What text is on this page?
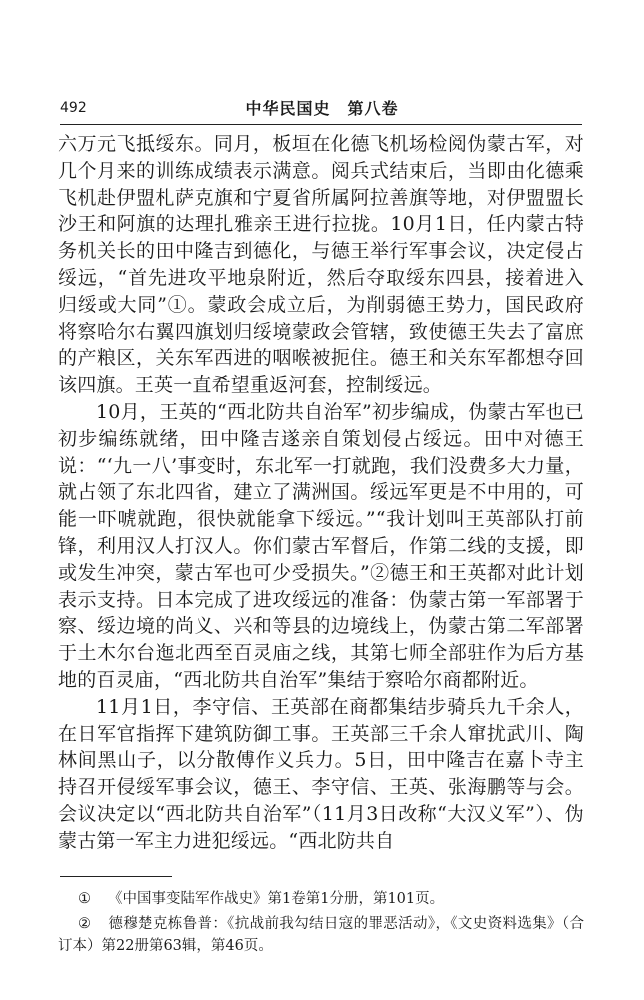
492	中华民国史　第八卷

六万元飞抵绥东。同月，板垣在化德飞机场检阅伪蒙古军，对几个月来的训练成绩表示满意。阅兵式结束后，当即由化德乘飞机赴伊盟札萨克旗和宁夏省所属阿拉善旗等地，对伊盟盟长沙王和阿旗的达理扎雅亲王进行拉拢。10月1日，任内蒙古特务机关长的田中隆吉到德化，与德王举行军事会议，决定侵占绥远，“首先进攻平地泉附近，然后夺取绥东四县，接着进入归绥或大同”①。蒙政会成立后，为削弱德王势力，国民政府将察哈尔右翼四旗划归绥境蒙政会管辖，致使德王失去了富庶的产粮区，关东军西进的咽喉被扼住。德王和关东军都想夺回该四旗。王英一直希望重返河套，控制绥远。

10月，王英的“西北防共自治军”初步编成，伪蒙古军也已初步编练就绪，田中隆吉遂亲自策划侵占绥远。田中对德王说：“‘九一八’事变时，东北军一打就跑，我们没费多大力量，就占领了东北四省，建立了满洲国。绥远军更是不中用的，可能一吓唬就跑，很快就能拿下绥远。”“我计划叫王英部队打前锋，利用汉人打汉人。你们蒙古军督后，作第二线的支援，即或发生冲突，蒙古军也可少受损失。”②德王和王英都对此计划表示支持。日本完成了进攻绥远的准备：伪蒙古第一军部署于察、绥边境的尚义、兴和等县的边境线上，伪蒙古第二军部署于土木尔台迤北西至百灵庙之线，其第七师全部驻作为后方基地的百灵庙，“西北防共自治军”集结于察哈尔商都附近。

11月1日，李守信、王英部在商都集结步骑兵九千余人，在日军官指挥下建筑防御工事。王英部三千余人窜扰武川、陶林间黑山子，以分散傅作义兵力。5日，田中隆吉在嘉卜寺主持召开侵绥军事会议，德王、李守信、王英、张海鹏等与会。会议决定以“西北防共自治军”（11月3日改称“大汉义军”）、伪蒙古第一军主力进犯绥远。“西北防共自

① 《中国事变陆军作战史》第1卷第1分册，第101页。

② 德穆楚克栋鲁普：《抗战前我勾结日寇的罪恶活动》，《文史资料选集》（合订本）第22册第63辑，第46页。
